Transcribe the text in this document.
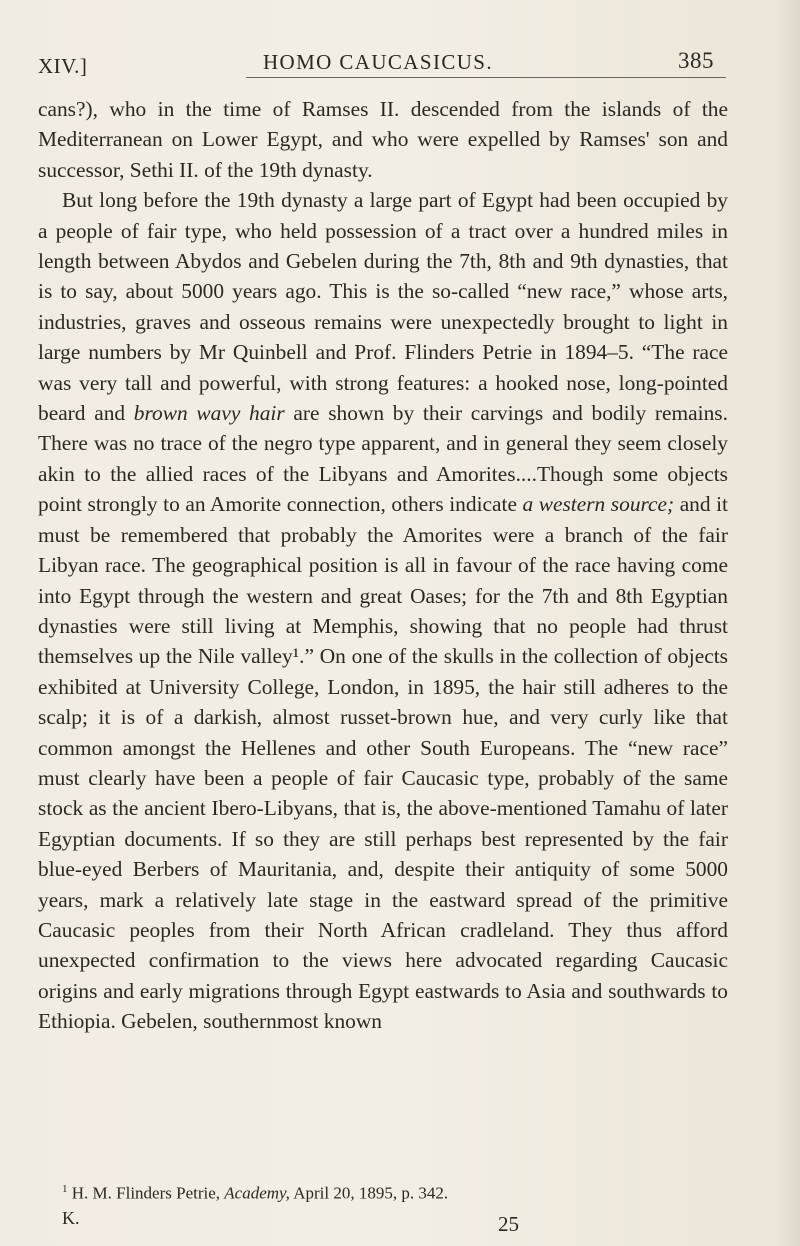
XIV.]	HOMO CAUCASICUS.	385

cans?), who in the time of Ramses II. descended from the islands of the Mediterranean on Lower Egypt, and who were expelled by Ramses' son and successor, Sethi II. of the 19th dynasty.

But long before the 19th dynasty a large part of Egypt had been occupied by a people of fair type, who held possession of a tract over a hundred miles in length between Abydos and Gebelen during the 7th, 8th and 9th dynasties, that is to say, about 5000 years ago. This is the so-called “new race,” whose arts, industries, graves and osseous remains were unexpectedly brought to light in large numbers by Mr Quinbell and Prof. Flinders Petrie in 1894–5. “The race was very tall and powerful, with strong features: a hooked nose, long-pointed beard and brown wavy hair are shown by their carvings and bodily remains. There was no trace of the negro type apparent, and in general they seem closely akin to the allied races of the Libyans and Amorites....Though some objects point strongly to an Amorite connection, others indicate a western source; and it must be remembered that probably the Amorites were a branch of the fair Libyan race. The geographical position is all in favour of the race having come into Egypt through the western and great Oases; for the 7th and 8th Egyptian dynasties were still living at Memphis, showing that no people had thrust themselves up the Nile valley¹.” On one of the skulls in the collection of objects exhibited at University College, London, in 1895, the hair still adheres to the scalp; it is of a darkish, almost russet-brown hue, and very curly like that common amongst the Hellenes and other South Europeans. The “new race” must clearly have been a people of fair Caucasic type, probably of the same stock as the ancient Ibero-Libyans, that is, the above-mentioned Tamahu of later Egyptian documents. If so they are still perhaps best represented by the fair blue-eyed Berbers of Mauritania, and, despite their antiquity of some 5000 years, mark a relatively late stage in the eastward spread of the primitive Caucasic peoples from their North African cradleland. They thus afford unexpected confirmation to the views here advocated regarding Caucasic origins and early migrations through Egypt eastwards to Asia and southwards to Ethiopia. Gebelen, southernmost known

$^1$ H. M. Flinders Petrie, Academy, April 20, 1895, p. 342.
K.	25
